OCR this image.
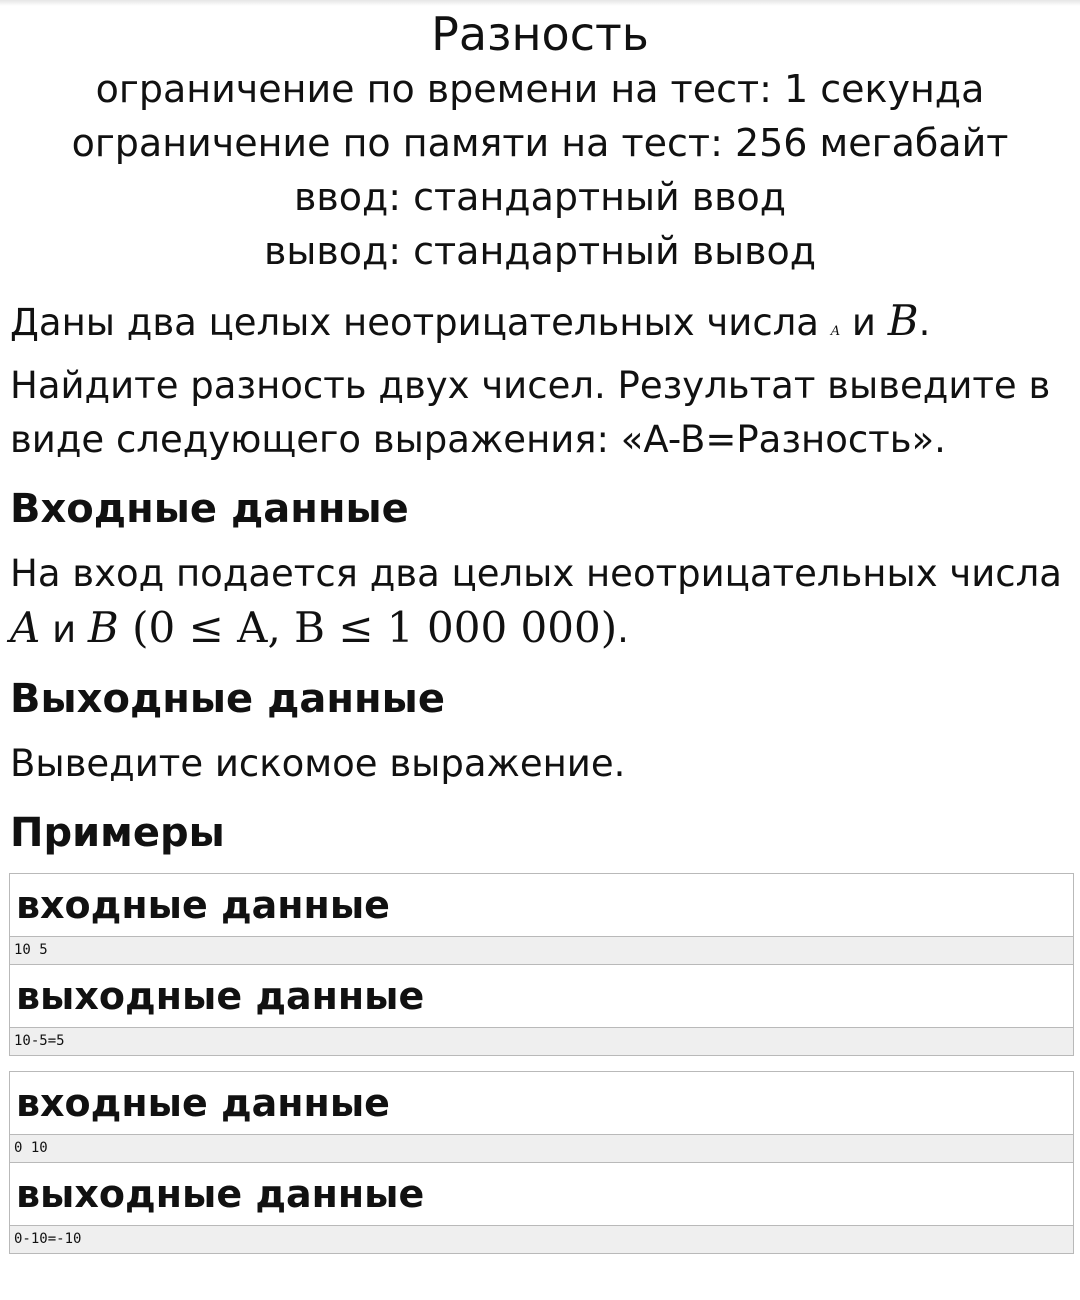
Разность
ограничение по времени на тест: 1 секунда
ограничение по памяти на тест: 256 мегабайт
ввод: стандартный ввод
вывод: стандартный вывод
Даны два целых неотрицательных числа A и B. Найдите разность двух чисел. Результат выведите в виде следующего выражения: «A-B=Разность».
Входные данные
На вход подается два целых неотрицательных числа A и B (0 ≤ A, B ≤ 1 000 000).
Выходные данные
Выведите искомое выражение.
Примеры
входные данные
10 5
выходные данные
10-5=5
входные данные
0 10
выходные данные
0-10=-10
